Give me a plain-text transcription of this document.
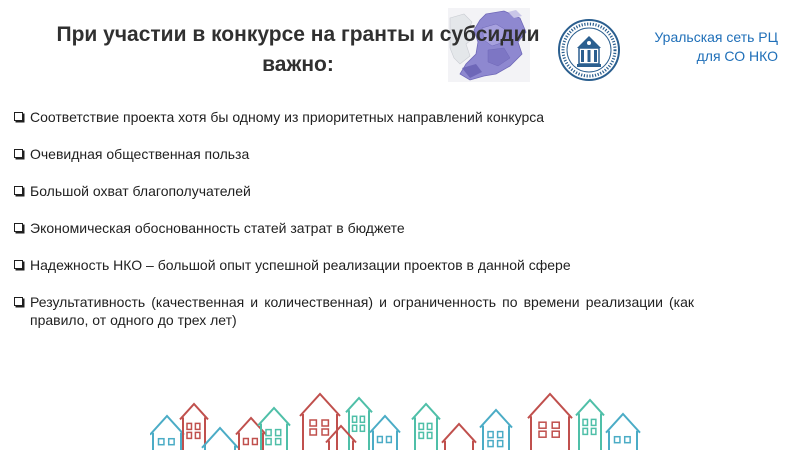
При участии в конкурсе на гранты и субсидии важно:
Уральская сеть РЦ
для СО НКО
Соответствие проекта хотя бы одному из приоритетных направлений конкурса
Очевидная общественная польза
Большой охват благополучателей
Экономическая обоснованность статей затрат в бюджете
Надежность НКО – большой опыт успешной реализации проектов в данной сфере
Результативность (качественная и количественная) и ограниченность по времени реализации (как правило, от одного до трех лет)
